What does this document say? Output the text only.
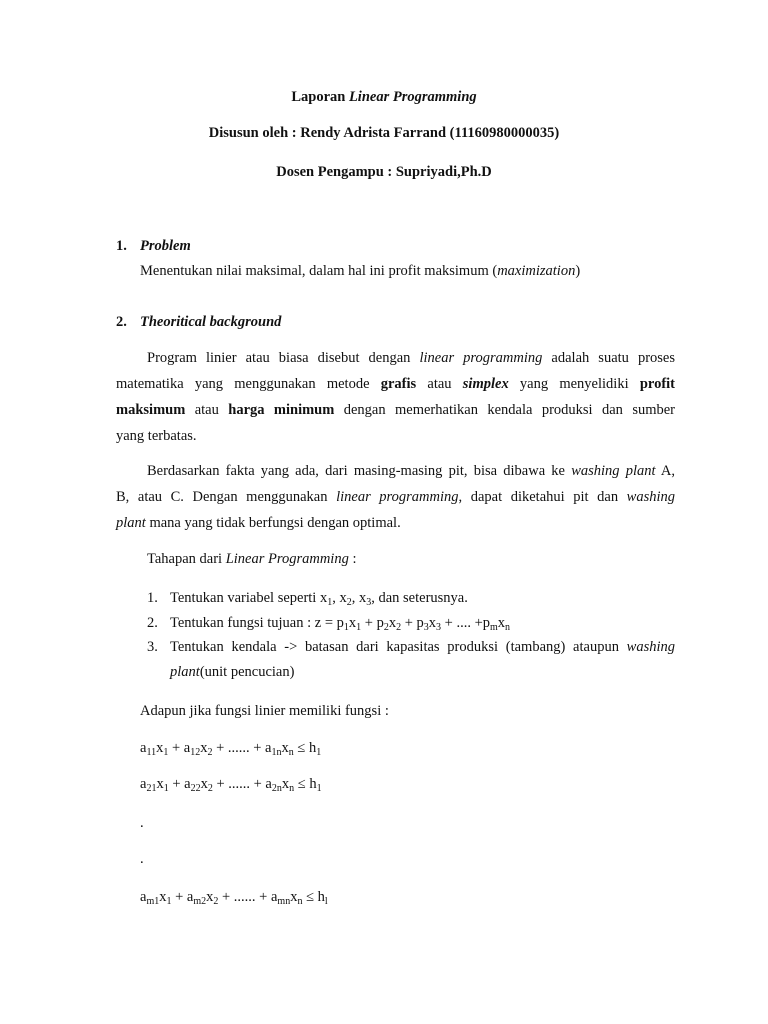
Laporan Linear Programming
Disusun oleh : Rendy Adrista Farrand (11160980000035)
Dosen Pengampu : Supriyadi,Ph.D
1. Problem
Menentukan nilai maksimal, dalam hal ini profit maksimum (maximization)
2. Theoritical background
Program linier atau biasa disebut dengan linear programming adalah suatu proses
matematika yang menggunakan metode grafis atau simplex yang menyelidiki profit
maksimum atau harga minimum dengan memerhatikan kendala produksi dan sumber
yang terbatas.
Berdasarkan fakta yang ada, dari masing-masing pit, bisa dibawa ke washing plant A,
B, atau C. Dengan menggunakan linear programming, dapat diketahui pit dan washing
plant mana yang tidak berfungsi dengan optimal.
Tahapan dari Linear Programming :
1. Tentukan variabel seperti $x_1$, $x_2$, $x_3$, dan seterusnya.
2. Tentukan fungsi tujuan : $z = p_1x_1 + p_2x_2 + p_3x_3$ + .... $+p_mx_n$
3. Tentukan kendala -> batasan dari kapasitas produksi (tambang) ataupun washing
plant(unit pencucian)
Adapun jika fungsi linier memiliki fungsi :
$a_{11}x_1 + a_{12}x_2$ + ...... + $a_{1n}x_n \le h_1$
$a_{21}x_1 + a_{22}x_2$ + ...... + $a_{2n}x_n \le h_1$
.
.
$a_{m1}x_1 + a_{m2}x_2$ + ...... + $a_{mn}x_n \le h_l$
